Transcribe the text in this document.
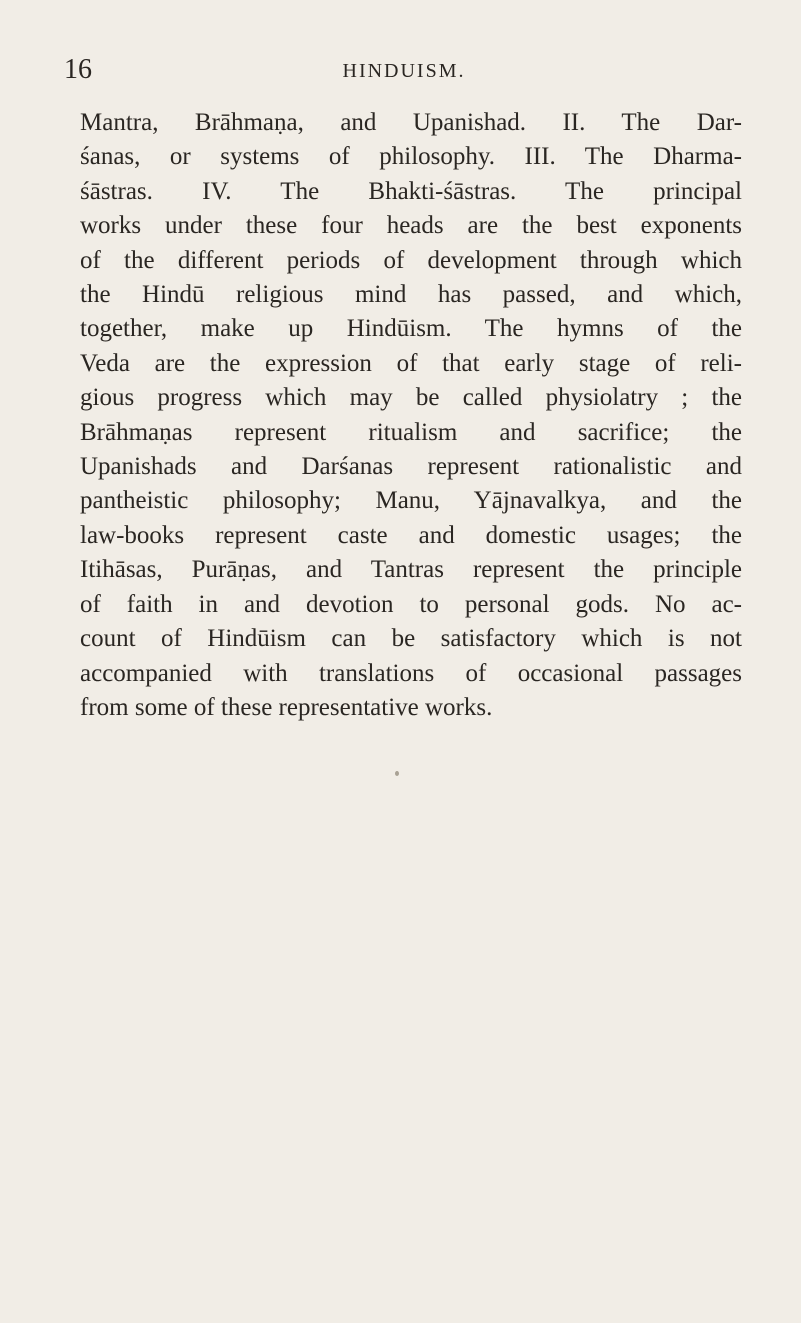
16	HINDUISM.

Mantra, Brāhmaṇa, and Upanishad. II. The Dar-
śanas, or systems of philosophy. III. The Dharma-
śāstras. IV. The Bhakti-śāstras. The principal
works under these four heads are the best exponents
of the different periods of development through which
the Hindū religious mind has passed, and which,
together, make up Hindūism. The hymns of the
Veda are the expression of that early stage of reli-
gious progress which may be called physiolatry ; the
Brāhmaṇas represent ritualism and sacrifice; the
Upanishads and Darśanas represent rationalistic and
pantheistic philosophy; Manu, Yājnavalkya, and the
law-books represent caste and domestic usages; the
Itihāsas, Purāṇas, and Tantras represent the principle
of faith in and devotion to personal gods. No ac-
count of Hindūism can be satisfactory which is not
accompanied with translations of occasional passages
from some of these representative works.
